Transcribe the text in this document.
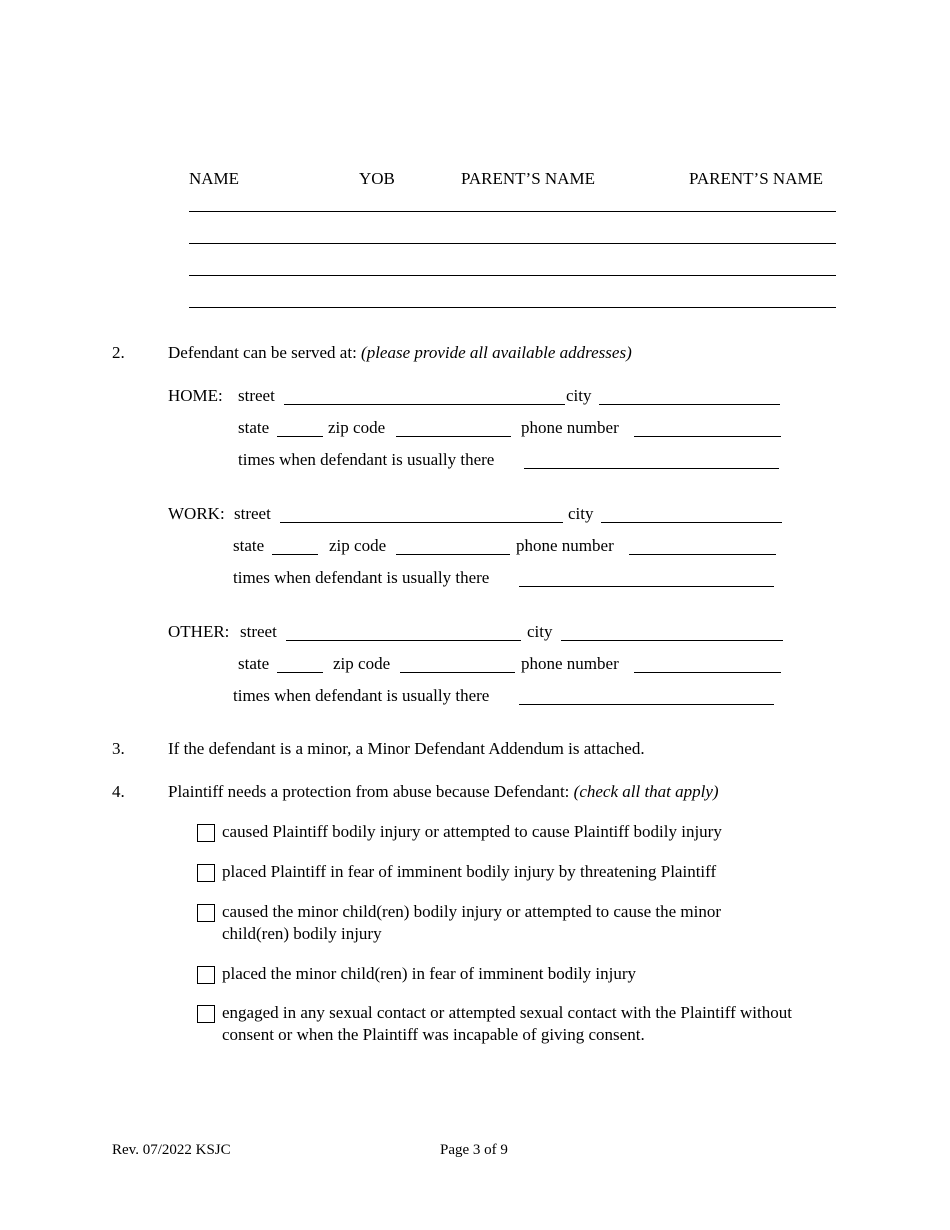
NAME	YOB	PARENT’S NAME	PARENT’S NAME
2.	Defendant can be served at: (please provide all available addresses)
HOME: street	city
state	zip code	phone number
times when defendant is usually there
WORK: street	city
state	zip code	phone number
times when defendant is usually there
OTHER: street	city
state	zip code	phone number
times when defendant is usually there
3.	If the defendant is a minor, a Minor Defendant Addendum is attached.
4.	Plaintiff needs a protection from abuse because Defendant: (check all that apply)
caused Plaintiff bodily injury or attempted to cause Plaintiff bodily injury
placed Plaintiff in fear of imminent bodily injury by threatening Plaintiff
caused the minor child(ren) bodily injury or attempted to cause the minor child(ren) bodily injury
placed the minor child(ren) in fear of imminent bodily injury
engaged in any sexual contact or attempted sexual contact with the Plaintiff without consent or when the Plaintiff was incapable of giving consent.
Rev. 07/2022 KSJC	Page 3 of 9
